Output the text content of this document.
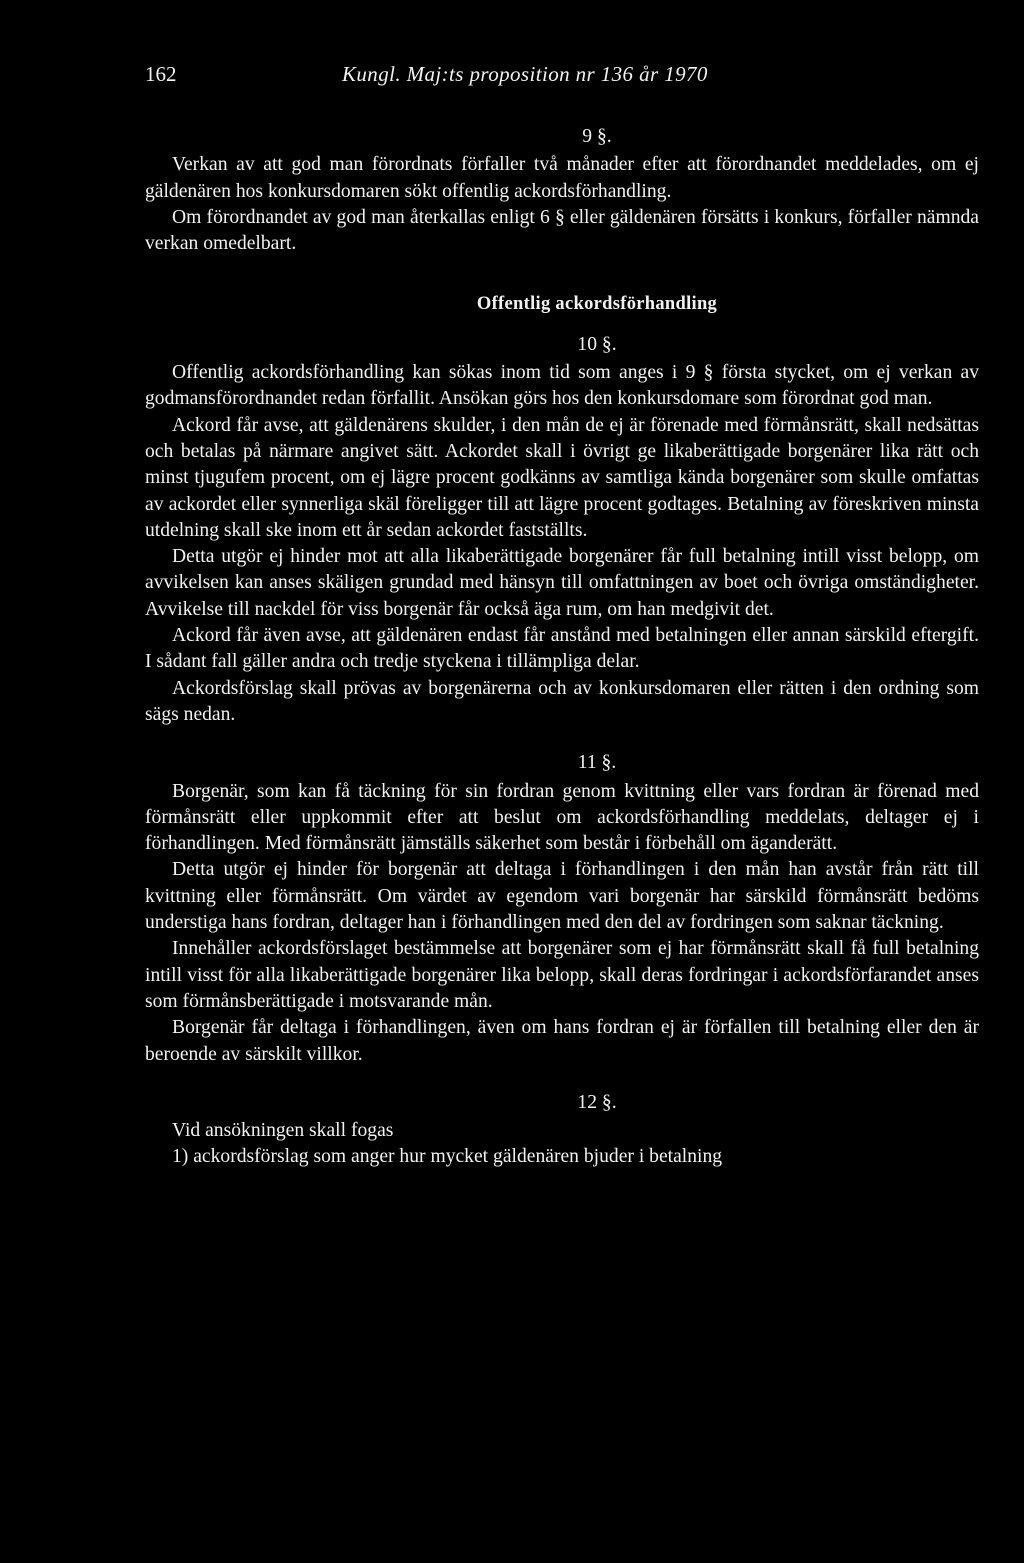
162	Kungl. Maj:ts proposition nr 136 år 1970

9 §.

Verkan av att god man förordnats förfaller två månader efter att förordnandet meddelades, om ej gäldenären hos konkursdomaren sökt offentlig ackordsförhandling.

Om förordnandet av god man återkallas enligt 6 § eller gäldenären försätts i konkurs, förfaller nämnda verkan omedelbart.

Offentlig ackordsförhandling

10 §.

Offentlig ackordsförhandling kan sökas inom tid som anges i 9 § första stycket, om ej verkan av godmansförordnandet redan förfallit. Ansökan görs hos den konkursdomare som förordnat god man.

Ackord får avse, att gäldenärens skulder, i den mån de ej är förenade med förmånsrätt, skall nedsättas och betalas på närmare angivet sätt. Ackordet skall i övrigt ge likaberättigade borgenärer lika rätt och minst tjugufem procent, om ej lägre procent godkänns av samtliga kända borgenärer som skulle omfattas av ackordet eller synnerliga skäl föreligger till att lägre procent godtages. Betalning av föreskriven minsta utdelning skall ske inom ett år sedan ackordet fastställts.

Detta utgör ej hinder mot att alla likaberättigade borgenärer får full betalning intill visst belopp, om avvikelsen kan anses skäligen grundad med hänsyn till omfattningen av boet och övriga omständigheter. Avvikelse till nackdel för viss borgenär får också äga rum, om han medgivit det.

Ackord får även avse, att gäldenären endast får anstånd med betalningen eller annan särskild eftergift. I sådant fall gäller andra och tredje styckena i tillämpliga delar.

Ackordsförslag skall prövas av borgenärerna och av konkursdomaren eller rätten i den ordning som sägs nedan.

11 §.

Borgenär, som kan få täckning för sin fordran genom kvittning eller vars fordran är förenad med förmånsrätt eller uppkommit efter att beslut om ackordsförhandling meddelats, deltager ej i förhandlingen. Med förmånsrätt jämställs säkerhet som består i förbehåll om äganderätt.

Detta utgör ej hinder för borgenär att deltaga i förhandlingen i den mån han avstår från rätt till kvittning eller förmånsrätt. Om värdet av egendom vari borgenär har särskild förmånsrätt bedöms understiga hans fordran, deltager han i förhandlingen med den del av fordringen som saknar täckning.

Innehåller ackordsförslaget bestämmelse att borgenärer som ej har förmånsrätt skall få full betalning intill visst för alla likaberättigade borgenärer lika belopp, skall deras fordringar i ackordsförfarandet anses som förmånsberättigade i motsvarande mån.

Borgenär får deltaga i förhandlingen, även om hans fordran ej är förfallen till betalning eller den är beroende av särskilt villkor.

12 §.

Vid ansökningen skall fogas

1) ackordsförslag som anger hur mycket gäldenären bjuder i betalning
